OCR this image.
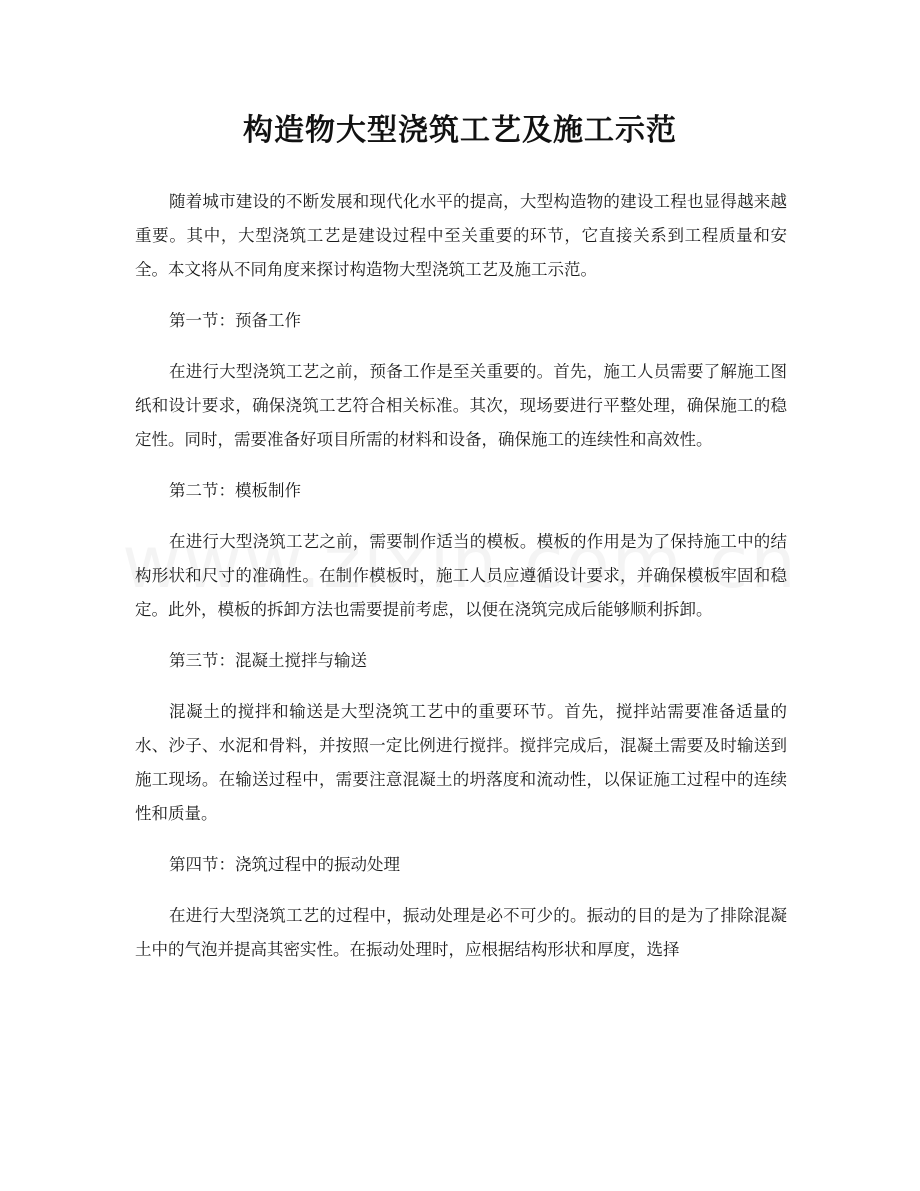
构造物大型浇筑工艺及施工示范

随着城市建设的不断发展和现代化水平的提高，大型构造物的建设工程也显得越来越重要。其中，大型浇筑工艺是建设过程中至关重要的环节，它直接关系到工程质量和安全。本文将从不同角度来探讨构造物大型浇筑工艺及施工示范。

第一节：预备工作

在进行大型浇筑工艺之前，预备工作是至关重要的。首先，施工人员需要了解施工图纸和设计要求，确保浇筑工艺符合相关标准。其次，现场要进行平整处理，确保施工的稳定性。同时，需要准备好项目所需的材料和设备，确保施工的连续性和高效性。

第二节：模板制作

在进行大型浇筑工艺之前，需要制作适当的模板。模板的作用是为了保持施工中的结构形状和尺寸的准确性。在制作模板时，施工人员应遵循设计要求，并确保模板牢固和稳定。此外，模板的拆卸方法也需要提前考虑，以便在浇筑完成后能够顺利拆卸。

第三节：混凝土搅拌与输送

混凝土的搅拌和输送是大型浇筑工艺中的重要环节。首先，搅拌站需要准备适量的水、沙子、水泥和骨料，并按照一定比例进行搅拌。搅拌完成后，混凝土需要及时输送到施工现场。在输送过程中，需要注意混凝土的坍落度和流动性，以保证施工过程中的连续性和质量。

第四节：浇筑过程中的振动处理

在进行大型浇筑工艺的过程中，振动处理是必不可少的。振动的目的是为了排除混凝土中的气泡并提高其密实性。在振动处理时，应根据结构形状和厚度，选择
